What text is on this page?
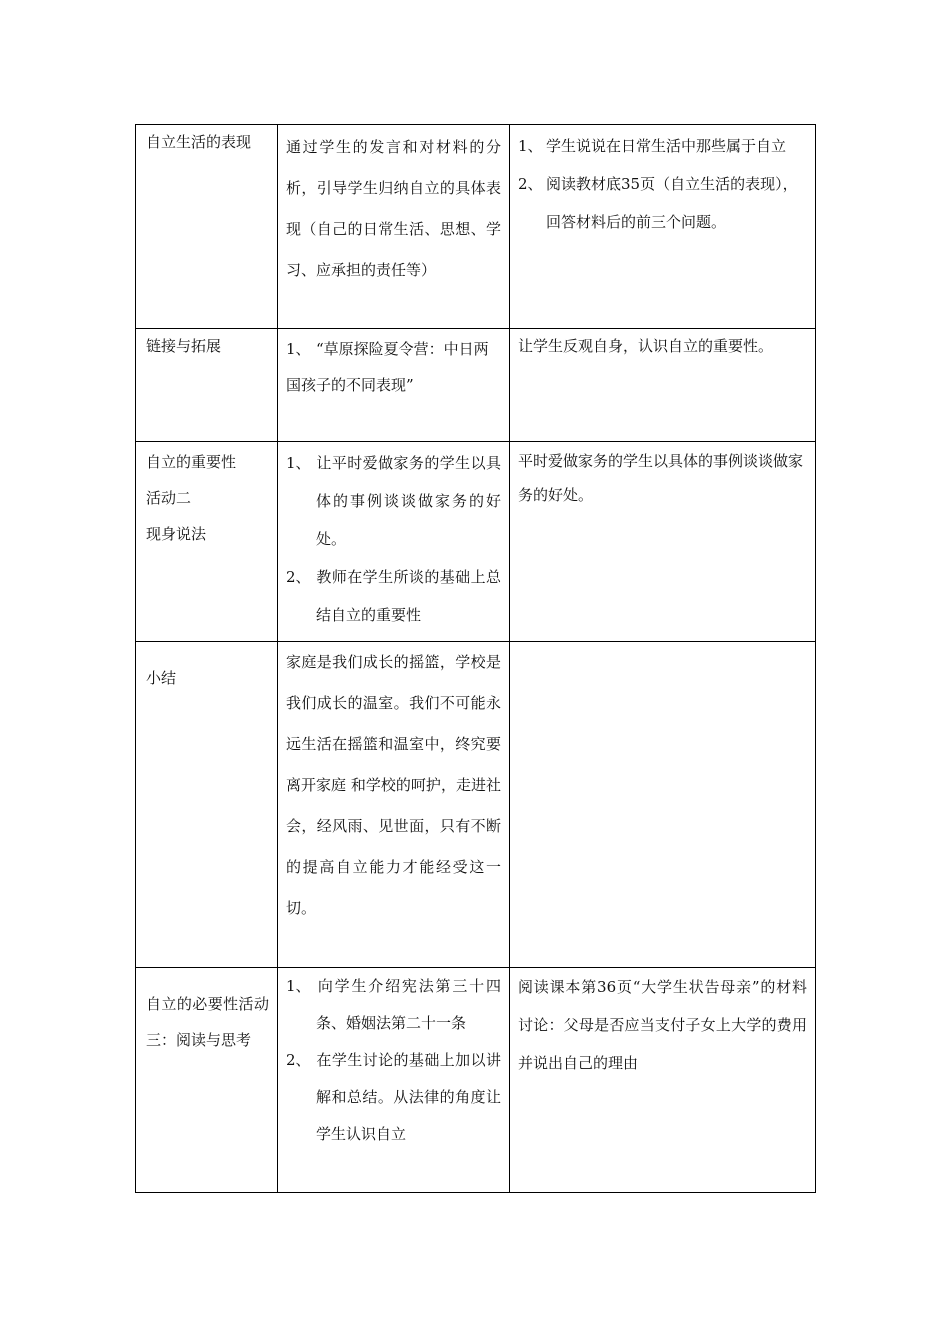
自立生活的表现	通过学生的发言和对材料的分析，引导学生归纳自立的具体表现（自己的日常生活、思想、学习、应承担的责任等）	1、 学生说说在日常生活中那些属于自立
2、 阅读教材底35页（自立生活的表现），回答材料后的前三个问题。

链接与拓展	1、 “草原探险夏令营：中日两国孩子的不同表现”	让学生反观自身，认识自立的重要性。

自立的重要性
活动二
现身说法	1、 让平时爱做家务的学生以具体的事例谈谈做家务的好处。
2、 教师在学生所谈的基础上总结自立的重要性	平时爱做家务的学生以具体的事例谈谈做家务的好处。

小结	家庭是我们成长的摇篮，学校是我们成长的温室。我们不可能永远生活在摇篮和温室中，终究要离开家庭 和学校的呵护，走进社会，经风雨、见世面，只有不断的提高自立能力才能经受这一切。	

自立的必要性活动三：阅读与思考	1、 向学生介绍宪法第三十四条、婚姻法第二十一条
2、 在学生讨论的基础上加以讲解和总结。从法律的角度让学生认识自立	阅读课本第36页“大学生状告母亲”的材料讨论：父母是否应当支付子女上大学的费用并说出自己的理由
